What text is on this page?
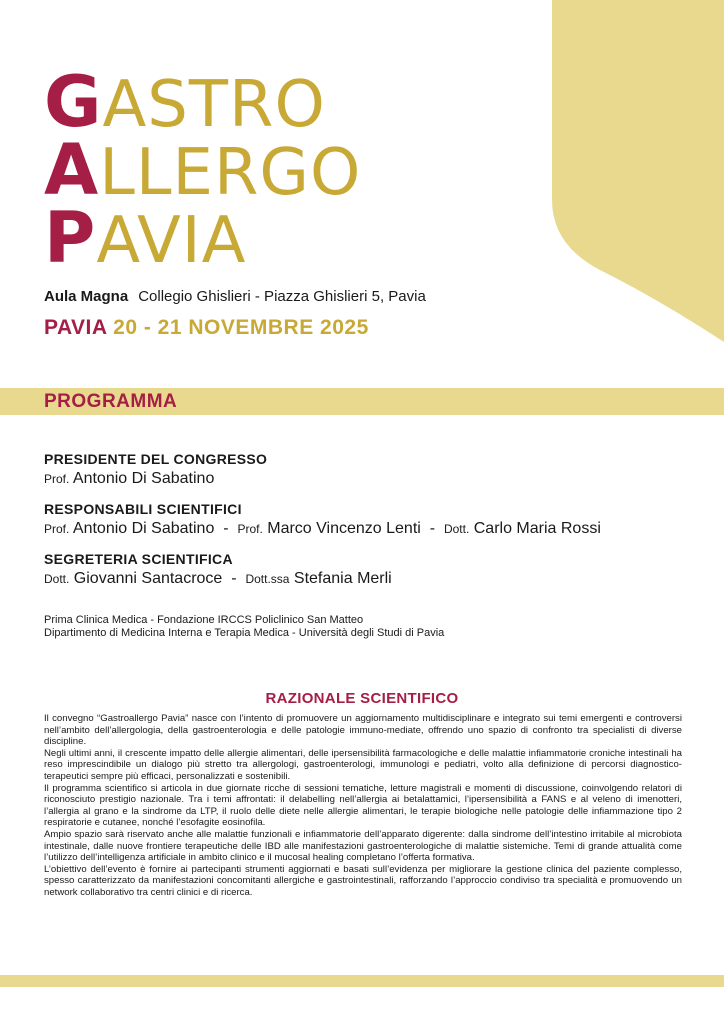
GASTRO
ALLERGO
PAVIA
Aula Magna Collegio Ghislieri - Piazza Ghislieri 5, Pavia
PAVIA 20 - 21 NOVEMBRE 2025
PROGRAMMA
PRESIDENTE DEL CONGRESSO
Prof. Antonio Di Sabatino
RESPONSABILI SCIENTIFICI
Prof. Antonio Di Sabatino  -  Prof. Marco Vincenzo Lenti  -  Dott. Carlo Maria Rossi
SEGRETERIA SCIENTIFICA
Dott. Giovanni Santacroce  -  Dott.ssa Stefania Merli
Prima Clinica Medica - Fondazione IRCCS Policlinico San Matteo
Dipartimento di Medicina Interna e Terapia Medica - Università degli Studi di Pavia
RAZIONALE SCIENTIFICO

Il convegno “Gastroallergo Pavia” nasce con l’intento di promuovere un aggiornamento multidisciplinare e integrato sui temi emergenti e controversi nell’ambito dell’allergologia, della gastroenterologia e delle patologie immuno-mediate, offrendo uno spazio di confronto tra specialisti di diverse discipline.

Negli ultimi anni, il crescente impatto delle allergie alimentari, delle ipersensibilità farmacologiche e delle malattie infiammatorie croniche intestinali ha reso imprescindibile un dialogo più stretto tra allergologi, gastroenterologi, immunologi e pediatri, volto alla definizione di percorsi diagnostico-terapeutici sempre più efficaci, personalizzati e sostenibili.

Il programma scientifico si articola in due giornate ricche di sessioni tematiche, letture magistrali e momenti di discussione, coinvolgendo relatori di riconosciuto prestigio nazionale. Tra i temi affrontati: il delabelling nell’allergia ai betalattamici, l’ipersensibilità a FANS e al veleno di imenotteri, l’allergia al grano e la sindrome da LTP, il ruolo delle diete nelle allergie alimentari, le terapie biologiche nelle patologie delle infiammazione tipo 2 respiratorie e cutanee, nonché l’esofagite eosinofila.

Ampio spazio sarà riservato anche alle malattie funzionali e infiammatorie dell’apparato digerente: dalla sindrome dell’intestino irritabile al microbiota intestinale, dalle nuove frontiere terapeutiche delle IBD alle manifestazioni gastroenterologiche di malattie sistemiche. Temi di grande attualità come l’utilizzo dell’intelligenza artificiale in ambito clinico e il mucosal healing completano l’offerta formativa.

L’obiettivo dell’evento è fornire ai partecipanti strumenti aggiornati e basati sull’evidenza per migliorare la gestione clinica del paziente complesso, spesso caratterizzato da manifestazioni concomitanti allergiche e gastrointestinali, rafforzando l’approccio condiviso tra specialità e promuovendo un network collaborativo tra centri clinici e di ricerca.
